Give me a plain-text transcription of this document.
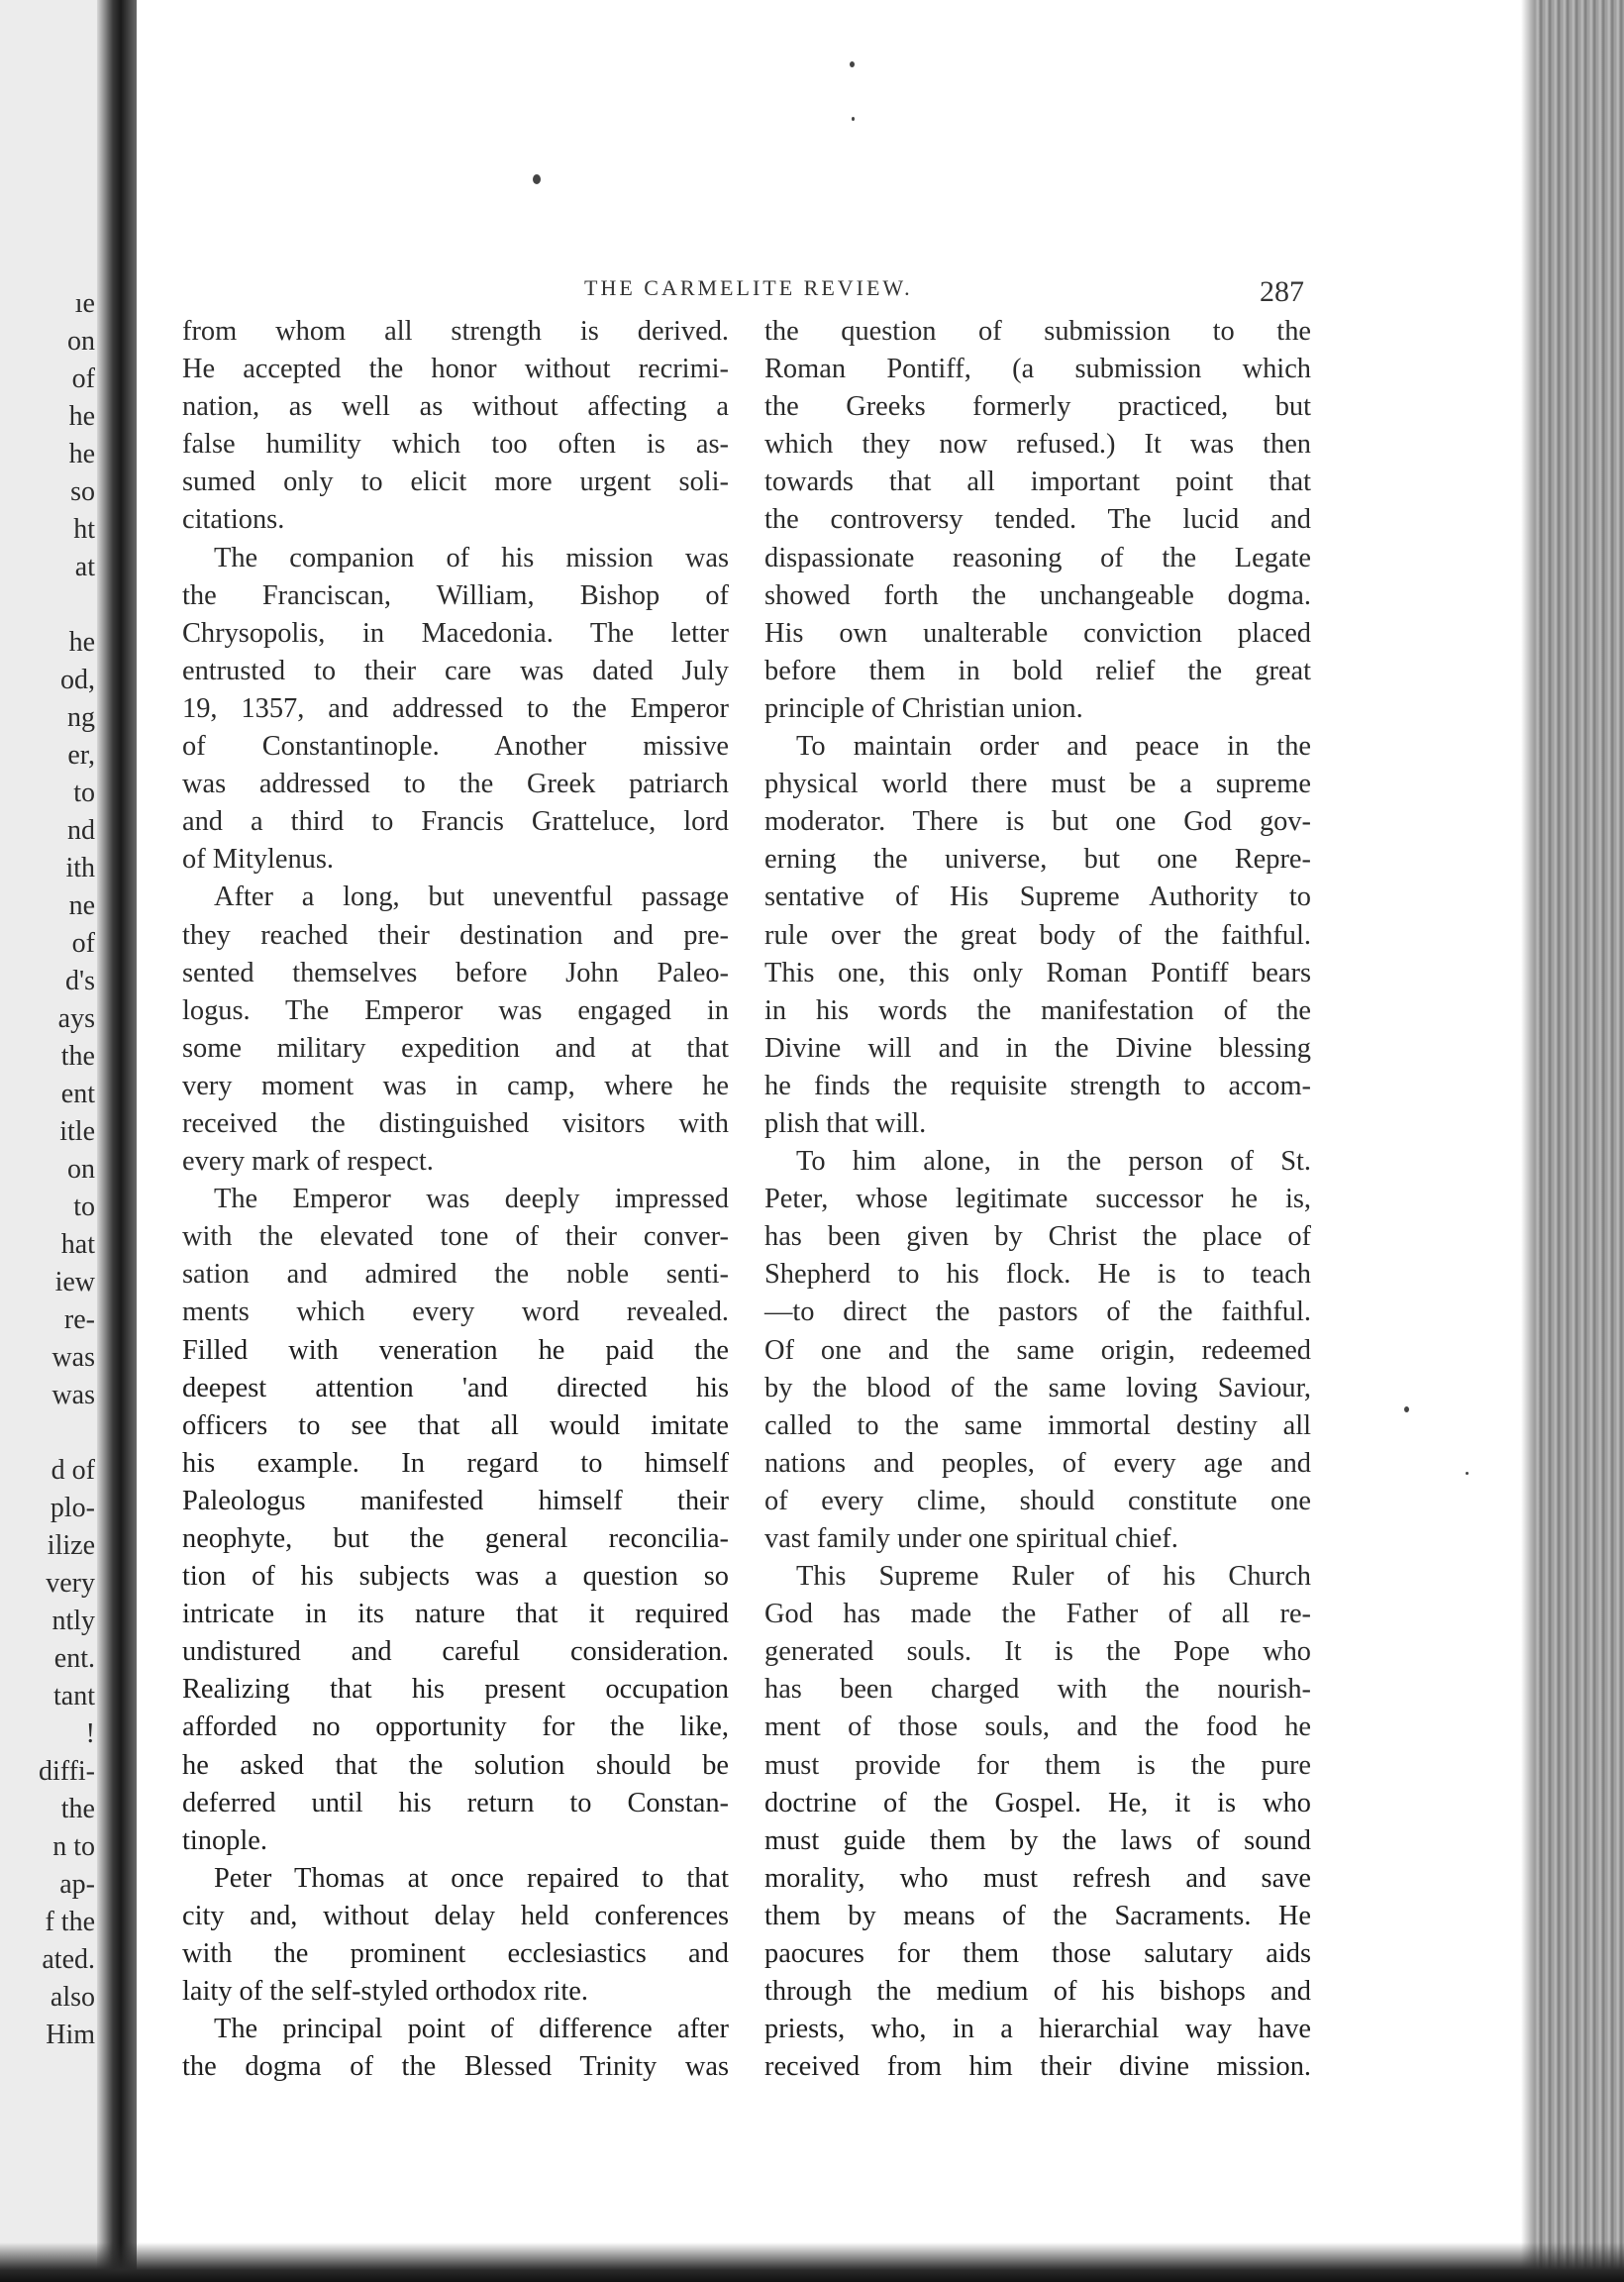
ıe
on
of
he
he
so
ht
at
he
od,
ng
er,
to
nd
ith
ne
of
d's
ays
the
ent
itle
on
to
hat
iew
re-
was
was
d of
plo-
ilize
very
ntly
ent.
tant
!
diffi-
the
n to
ap-
f the
ated.
also
Him
THE CARMELITE REVIEW.	287
from whom all strength is derived.
He accepted the honor without recrimi-
nation, as well as without affecting a
false humility which too often is as-
sumed only to elicit more urgent soli-
citations.
The companion of his mission was
the Franciscan, William, Bishop of
Chrysopolis, in Macedonia. The letter
entrusted to their care was dated July
19, 1357, and addressed to the Emperor
of Constantinople. Another missive
was addressed to the Greek patriarch
and a third to Francis Gratteluce, lord
of Mitylenus.
After a long, but uneventful passage
they reached their destination and pre-
sented themselves before John Paleo-
logus. The Emperor was engaged in
some military expedition and at that
very moment was in camp, where he
received the distinguished visitors with
every mark of respect.
The Emperor was deeply impressed
with the elevated tone of their conver-
sation and admired the noble senti-
ments which every word revealed.
Filled with veneration he paid the
deepest attention 'and directed his
officers to see that all would imitate
his example. In regard to himself
Paleologus manifested himself their
neophyte, but the general reconcilia-
tion of his subjects was a question so
intricate in its nature that it required
undistured and careful consideration.
Realizing that his present occupation
afforded no opportunity for the like,
he asked that the solution should be
deferred until his return to Constan-
tinople.
Peter Thomas at once repaired to that
city and, without delay held conferences
with the prominent ecclesiastics and
laity of the self-styled orthodox rite.
The principal point of difference after
the dogma of the Blessed Trinity was
the question of submission to the
Roman Pontiff, (a submission which
the Greeks formerly practiced, but
which they now refused.) It was then
towards that all important point that
the controversy tended. The lucid and
dispassionate reasoning of the Legate
showed forth the unchangeable dogma.
His own unalterable conviction placed
before them in bold relief the great
principle of Christian union.
To maintain order and peace in the
physical world there must be a supreme
moderator. There is but one God gov-
erning the universe, but one Repre-
sentative of His Supreme Authority to
rule over the great body of the faithful.
This one, this only Roman Pontiff bears
in his words the manifestation of the
Divine will and in the Divine blessing
he finds the requisite strength to accom-
plish that will.
To him alone, in the person of St.
Peter, whose legitimate successor he is,
has been given by Christ the place of
Shepherd to his flock. He is to teach
—to direct the pastors of the faithful.
Of one and the same origin, redeemed
by the blood of the same loving Saviour,
called to the same immortal destiny all
nations and peoples, of every age and
of every clime, should constitute one
vast family under one spiritual chief.
This Supreme Ruler of his Church
God has made the Father of all re-
generated souls. It is the Pope who
has been charged with the nourish-
ment of those souls, and the food he
must provide for them is the pure
doctrine of the Gospel. He, it is who
must guide them by the laws of sound
morality, who must refresh and save
them by means of the Sacraments. He
paocures for them those salutary aids
through the medium of his bishops and
priests, who, in a hierarchial way have
received from him their divine mission.
